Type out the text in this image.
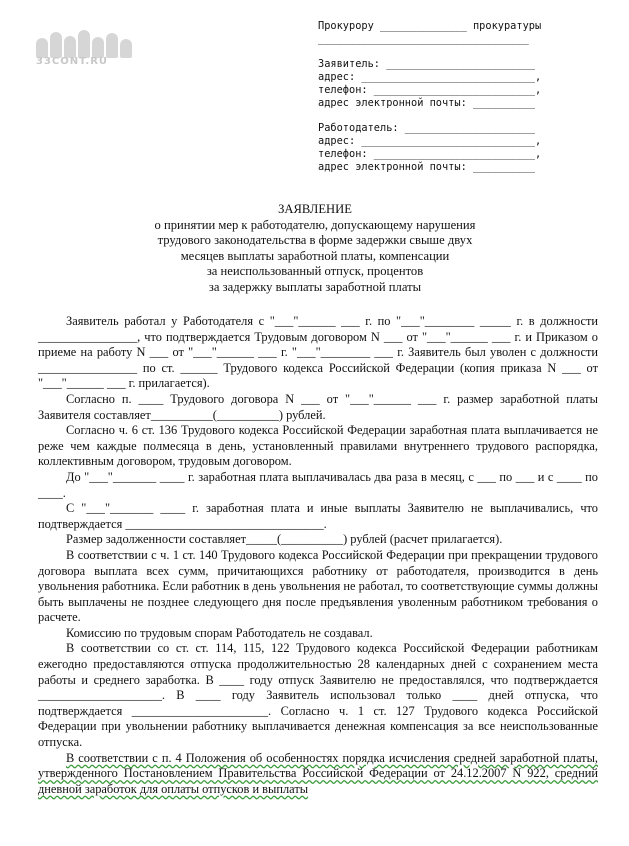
33CONT.RU
Прокурору ______________ прокуратуры
__________________________________
Заявитель: ________________________
адрес: ____________________________,
телефон: __________________________,
адрес электронной почты: __________
Работодатель: _____________________
адрес: ____________________________,
телефон: __________________________,
адрес электронной почты: __________
ЗАЯВЛЕНИЕ
о принятии мер к работодателю, допускающему нарушения
трудового законодательства в форме задержки свыше двух
месяцев выплаты заработной платы, компенсации
за неиспользованный отпуск, процентов
за задержку выплаты заработной платы

Заявитель работал у Работодателя с "___"______ ___ г. по "___"________ _____ г. в должности ________________, что подтверждается Трудовым договором N ___ от "___"______ ___ г. и Приказом о приеме на работу N ___ от "___"______ ___ г. "___"________ ___ г. Заявитель был уволен с должности ________________ по ст. ______ Трудового кодекса Российской Федерации (копия приказа N ___ от "___"______ ___ г. прилагается).

Согласно п. ____ Трудового договора N ___ от "___"______ ___ г. размер заработной платы Заявителя составляет__________(__________) рублей.

Согласно ч. 6 ст. 136 Трудового кодекса Российской Федерации заработная плата выплачивается не реже чем каждые полмесяца в день, установленный правилами внутреннего трудового распорядка, коллективным договором, трудовым договором.

До "___"_______ ____ г. заработная плата выплачивалась два раза в месяц, с ___ по ___ и с ____ по ____.

С "___"_______ ____ г. заработная плата и иные выплаты Заявителю не выплачивались, что подтверждается ________________________________.

Размер задолженности составляет_____(__________) рублей (расчет прилагается).

В соответствии с ч. 1 ст. 140 Трудового кодекса Российской Федерации при прекращении трудового договора выплата всех сумм, причитающихся работнику от работодателя, производится в день увольнения работника. Если работник в день увольнения не работал, то соответствующие суммы должны быть выплачены не позднее следующего дня после предъявления уволенным работником требования о расчете.

Комиссию по трудовым спорам Работодатель не создавал.

В соответствии со ст. ст. 114, 115, 122 Трудового кодекса Российской Федерации работникам ежегодно предоставляются отпуска продолжительностью 28 календарных дней с сохранением места работы и среднего заработка. В ____ году отпуск Заявителю не предоставлялся, что подтверждается ____________________. В ____ году Заявитель использовал только ____ дней отпуска, что подтверждается ______________________. Согласно ч. 1 ст. 127 Трудового кодекса Российской Федерации при увольнении работнику выплачивается денежная компенсация за все неиспользованные отпуска.

В соответствии с п. 4 Положения об особенностях порядка исчисления средней заработной платы, утвержденного Постановлением Правительства Российской Федерации от 24.12.2007 N 922, средний дневной заработок для оплаты отпусков и выплаты
